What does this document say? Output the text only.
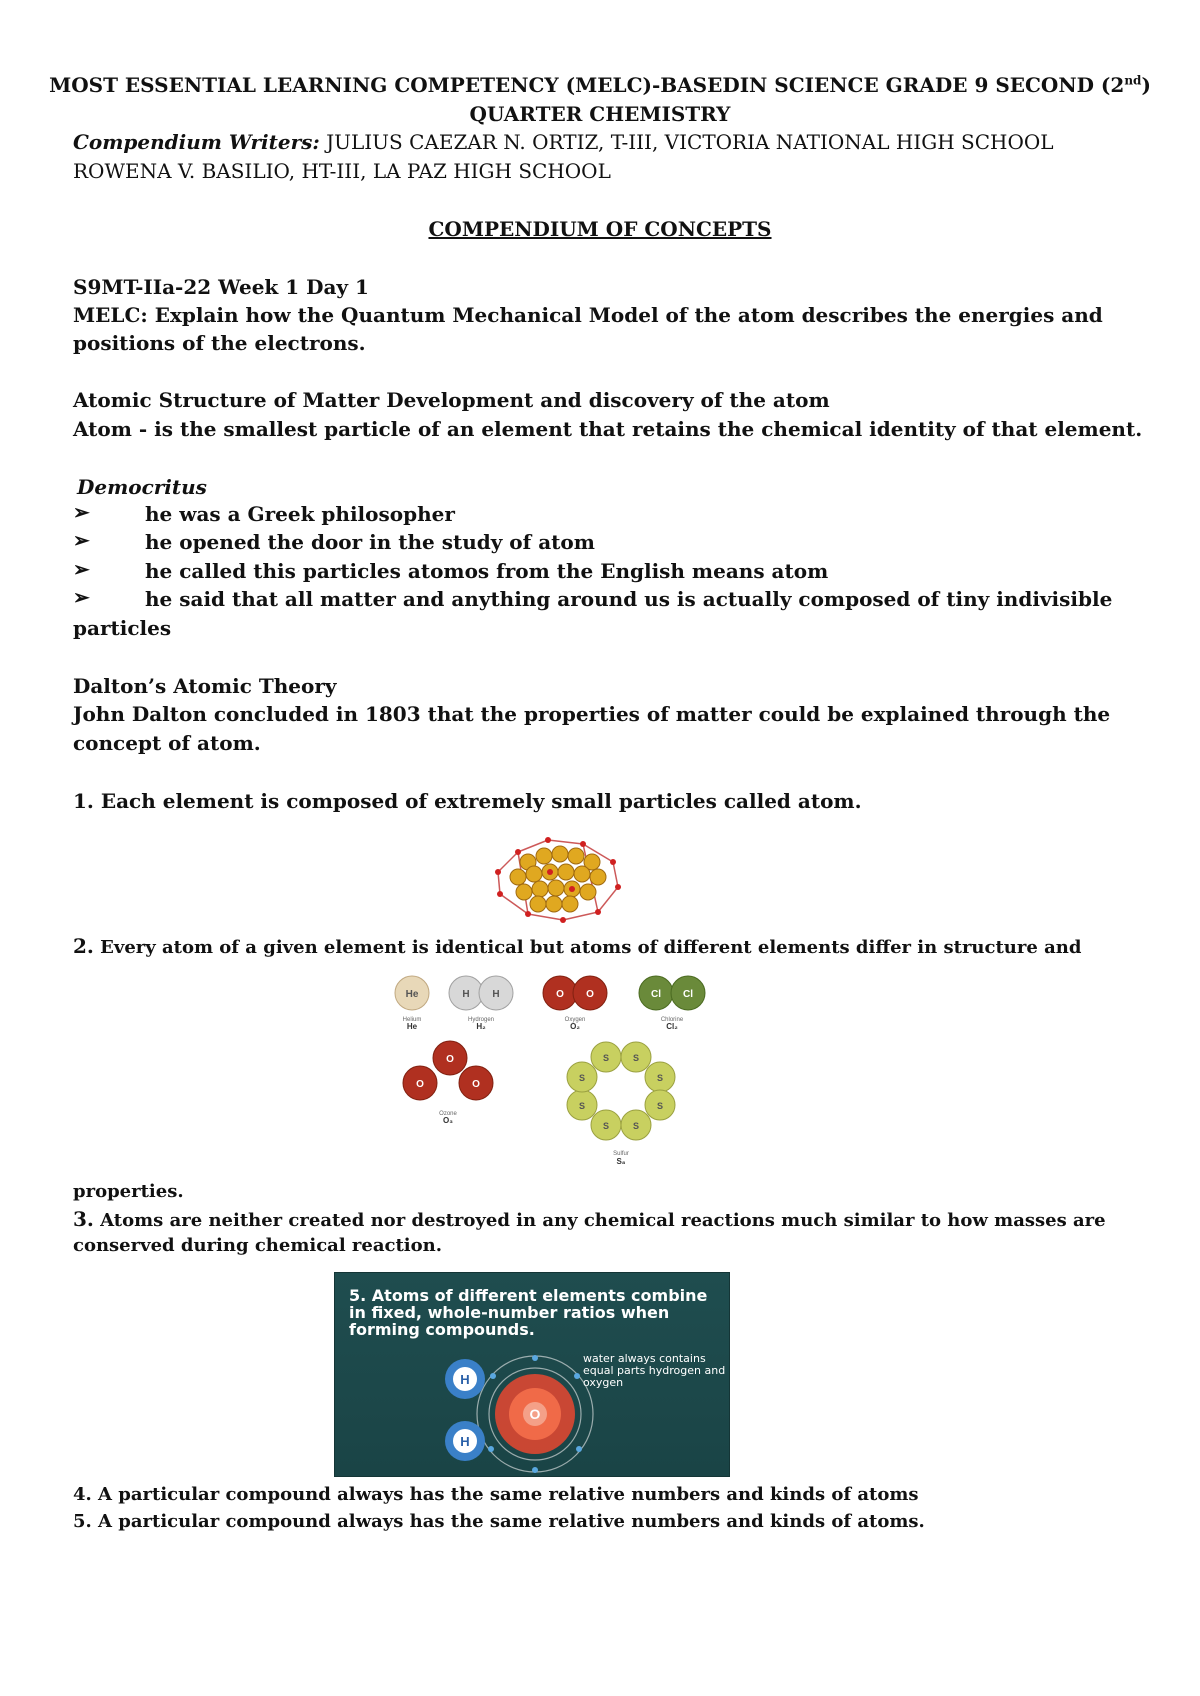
MOST ESSENTIAL LEARNING COMPETENCY (MELC)-BASEDIN SCIENCE GRADE 9 SECOND (2nd)
QUARTER CHEMISTRY
Compendium Writers: JULIUS CAEZAR N. ORTIZ, T-III, VICTORIA NATIONAL HIGH SCHOOL
ROWENA V. BASILIO, HT-III, LA PAZ HIGH SCHOOL
COMPENDIUM OF CONCEPTS
S9MT-IIa-22 Week 1 Day 1
MELC: Explain how the Quantum Mechanical Model of the atom describes the energies and
positions of the electrons.
Atomic Structure of Matter Development and discovery of the atom
Atom - is the smallest particle of an element that retains the chemical identity of that element.
Democritus
➢	he was a Greek philosopher
➢	he opened the door in the study of atom
➢	he called this particles atomos from the English means atom
➢	he said that all matter and anything around us is actually composed of tiny indivisible
particles
Dalton’s Atomic Theory
John Dalton concluded in 1803 that the properties of matter could be explained through the
concept of atom.
1. Each element is composed of extremely small particles called atom.
2. Every atom of a given element is identical but atoms of different elements differ in structure and
He
Helium
He
H H
Hydrogen
H₂
O O
Oxygen
O₂
Cl Cl
Chlorine
Cl₂
O
O	O
Ozone
O₃
S	S
S
S
S
S
S
S
Sulfur
S₈
properties.
3. Atoms are neither created nor destroyed in any chemical reactions much similar to how masses are
conserved during chemical reaction.
5. Atoms of different elements combine in fixed, whole-number ratios when forming compounds.
water always contains equal parts hydrogen and oxygen
H
H
O
4. A particular compound always has the same relative numbers and kinds of atoms
5. A particular compound always has the same relative numbers and kinds of atoms.
